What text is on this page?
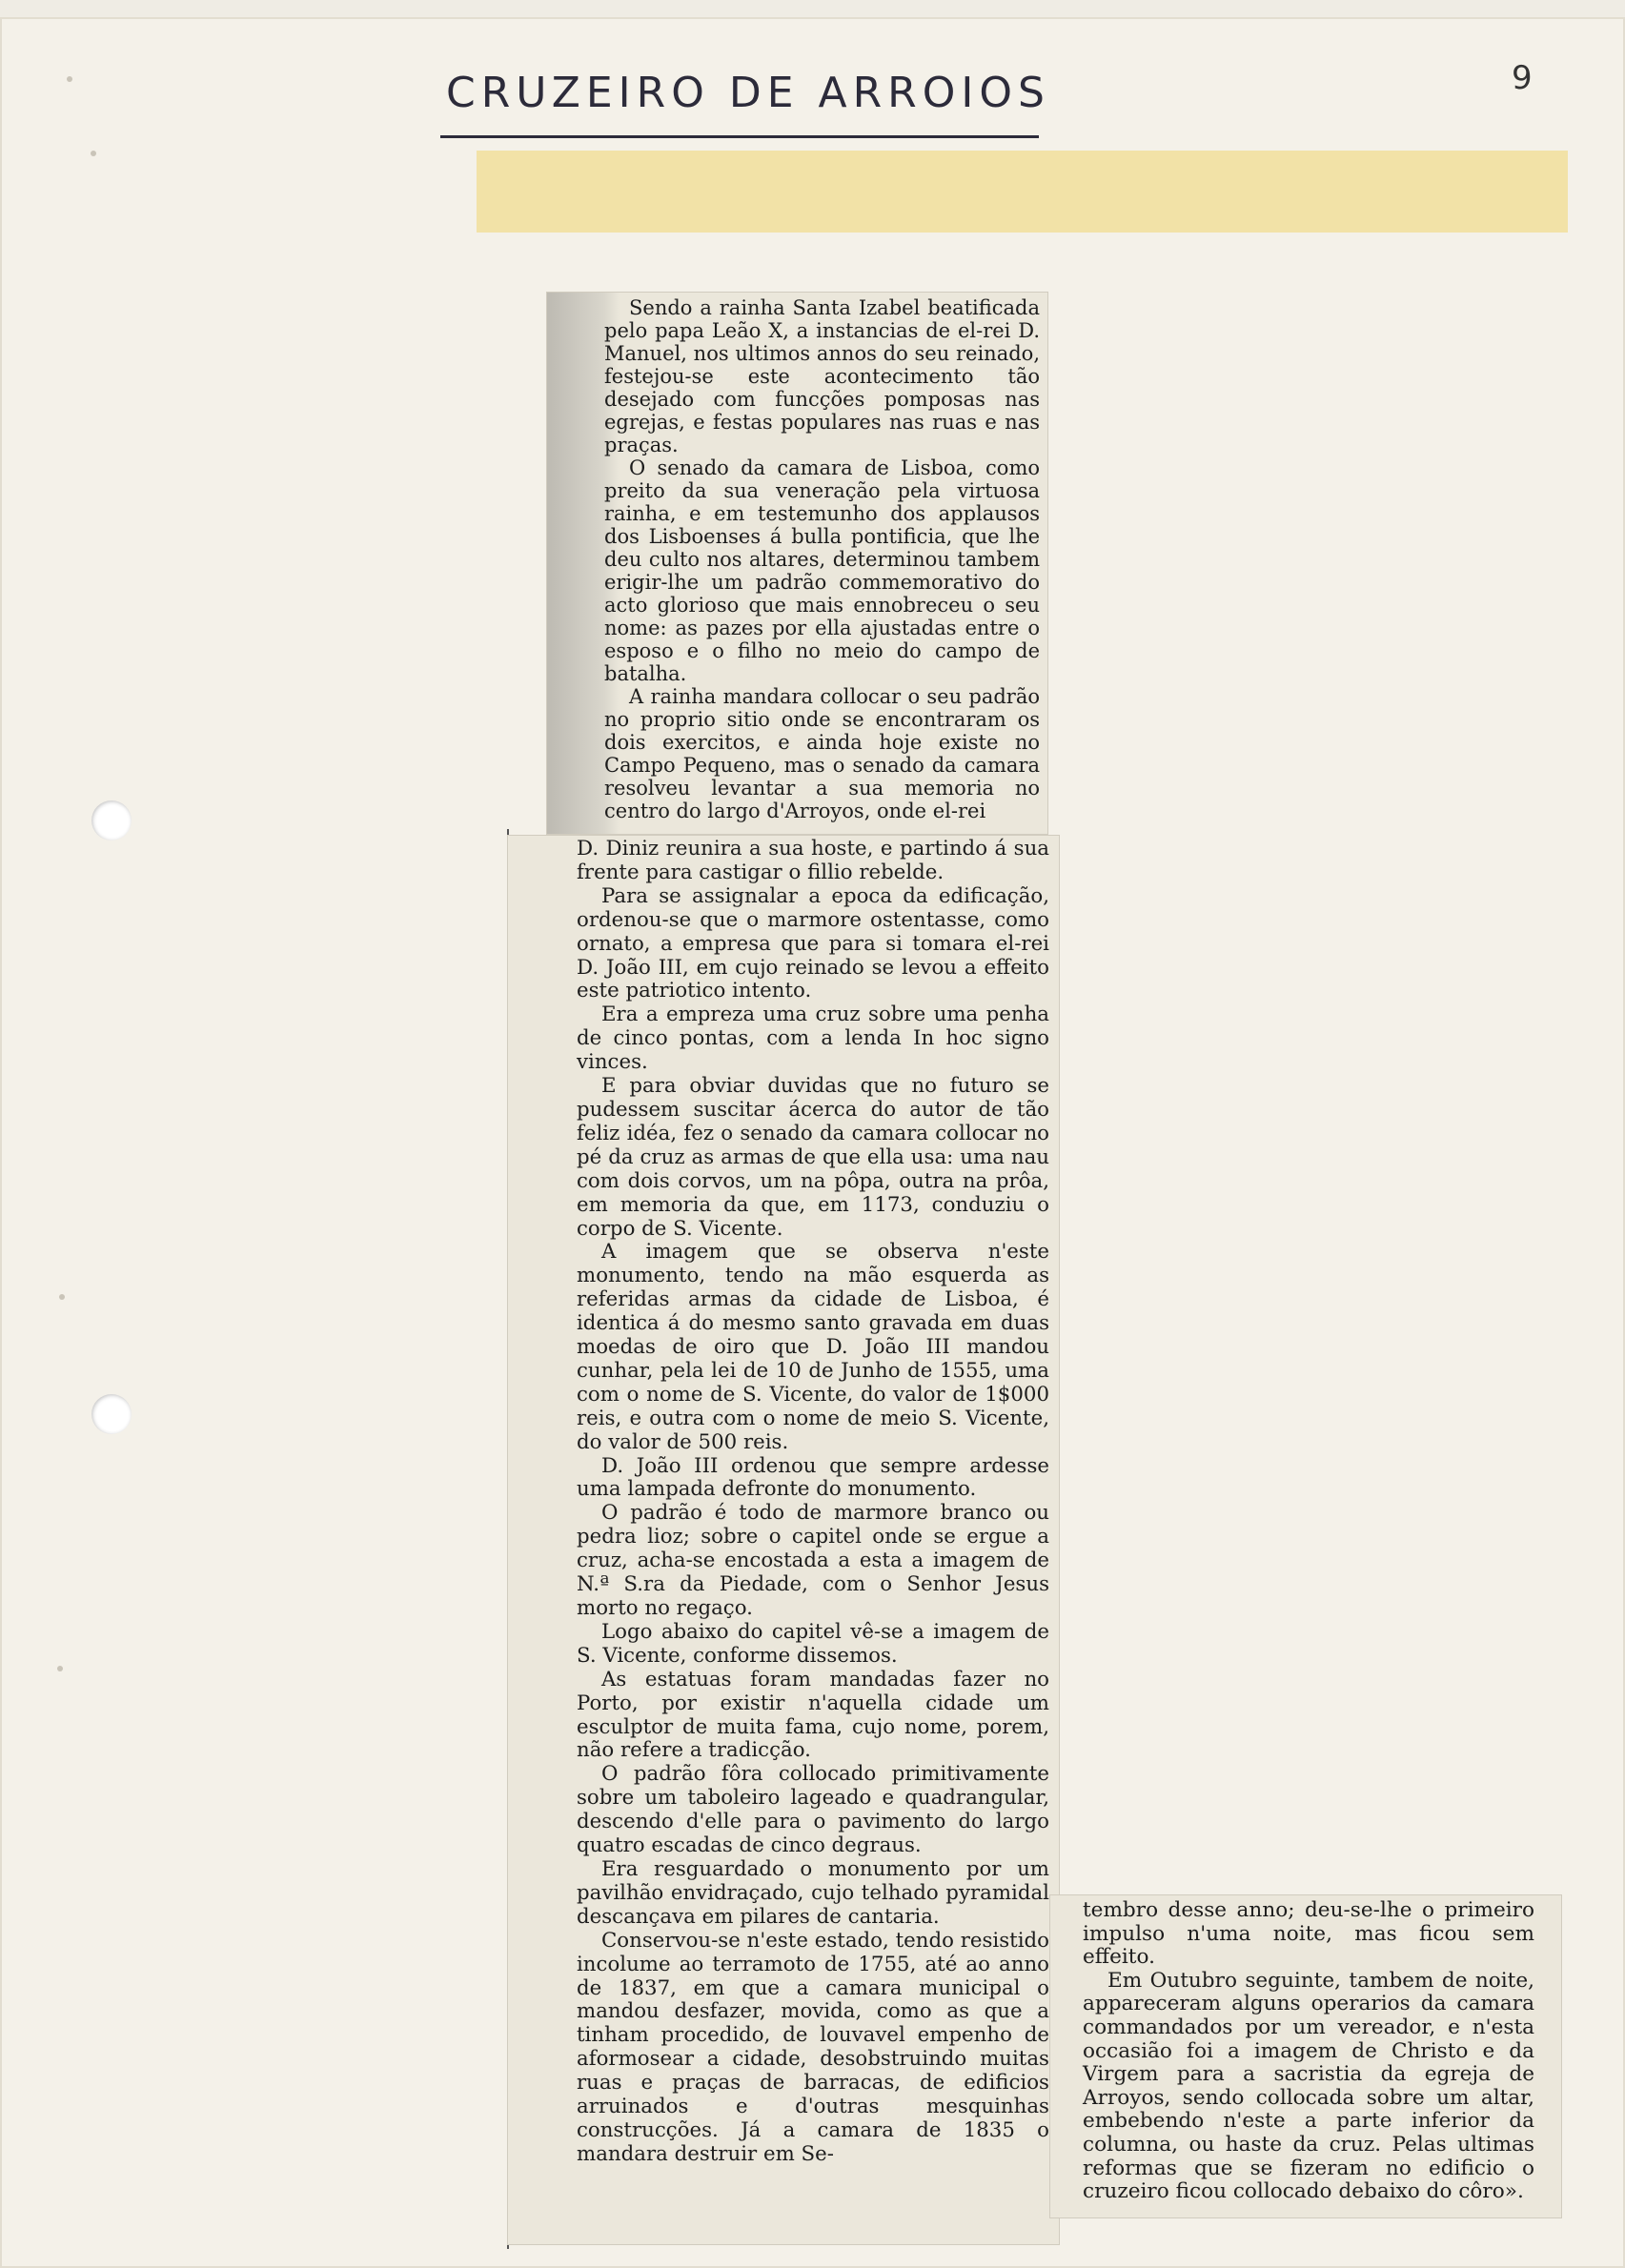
CRUZEIRO DE ARROIOS	9

Sendo a rainha Santa Izabel beatificada pelo papa Leão X, a instancias de el-rei D. Manuel, nos ultimos annos do seu reinado, festejou-se este acontecimento tão desejado com funcções pomposas nas egrejas, e festas populares nas ruas e nas praças.

O senado da camara de Lisboa, como preito da sua veneração pela virtuosa rainha, e em testemunho dos applausos dos Lisboenses á bulla pontificia, que lhe deu culto nos altares, determinou tambem erigir-lhe um padrão commemorativo do acto glorioso que mais ennobreceu o seu nome: as pazes por ella ajustadas entre o esposo e o filho no meio do campo de batalha.

A rainha mandara collocar o seu padrão no proprio sitio onde se encontraram os dois exercitos, e ainda hoje existe no Campo Pequeno, mas o senado da camara resolveu levantar a sua memoria no centro do largo d'Arroyos, onde el-rei

D. Diniz reunira a sua hoste, e partindo á sua frente para castigar o fillio rebelde.

Para se assignalar a epoca da edificação, ordenou-se que o marmore ostentasse, como ornato, a empresa que para si tomara el-rei D. João III, em cujo reinado se levou a effeito este patriotico intento.

Era a empreza uma cruz sobre uma penha de cinco pontas, com a lenda In hoc signo vinces.

E para obviar duvidas que no futuro se pudessem suscitar ácerca do autor de tão feliz idéa, fez o senado da camara collocar no pé da cruz as armas de que ella usa: uma nau com dois corvos, um na pôpa, outra na prôa, em memoria da que, em 1173, conduziu o corpo de S. Vicente.

A imagem que se observa n'este monumento, tendo na mão esquerda as referidas armas da cidade de Lisboa, é identica á do mesmo santo gravada em duas moedas de oiro que D. João III mandou cunhar, pela lei de 10 de Junho de 1555, uma com o nome de S. Vicente, do valor de 1$000 reis, e outra com o nome de meio S. Vicente, do valor de 500 reis.

D. João III ordenou que sempre ardesse uma lampada defronte do monumento.

O padrão é todo de marmore branco ou pedra lioz; sobre o capitel onde se ergue a cruz, acha-se encostada a esta a imagem de N.ª S.ra da Piedade, com o Senhor Jesus morto no regaço.

Logo abaixo do capitel vê-se a imagem de S. Vicente, conforme dissemos.

As estatuas foram mandadas fazer no Porto, por existir n'aquella cidade um esculptor de muita fama, cujo nome, porem, não refere a tradicção.

O padrão fôra collocado primitivamente sobre um taboleiro lageado e quadrangular, descendo d'elle para o pavimento do largo quatro escadas de cinco degraus.

Era resguardado o monumento por um pavilhão envidraçado, cujo telhado pyramidal descançava em pilares de cantaria.

Conservou-se n'este estado, tendo resistido incolume ao terramoto de 1755, até ao anno de 1837, em que a camara municipal o mandou desfazer, movida, como as que a tinham procedido, de louvavel empenho de aformosear a cidade, desobstruindo muitas ruas e praças de barracas, de edificios arruinados e d'outras mesquinhas construcções. Já a camara de 1835 o mandara destruir em Se-

tembro desse anno; deu-se-lhe o primeiro impulso n'uma noite, mas ficou sem effeito.

Em Outubro seguinte, tambem de noite, appareceram alguns operarios da camara commandados por um vereador, e n'esta occasião foi a imagem de Christo e da Virgem para a sacristia da egreja de Arroyos, sendo collocada sobre um altar, embebendo n'este a parte inferior da columna, ou haste da cruz. Pelas ultimas reformas que se fizeram no edificio o cruzeiro ficou collocado debaixo do côro».
